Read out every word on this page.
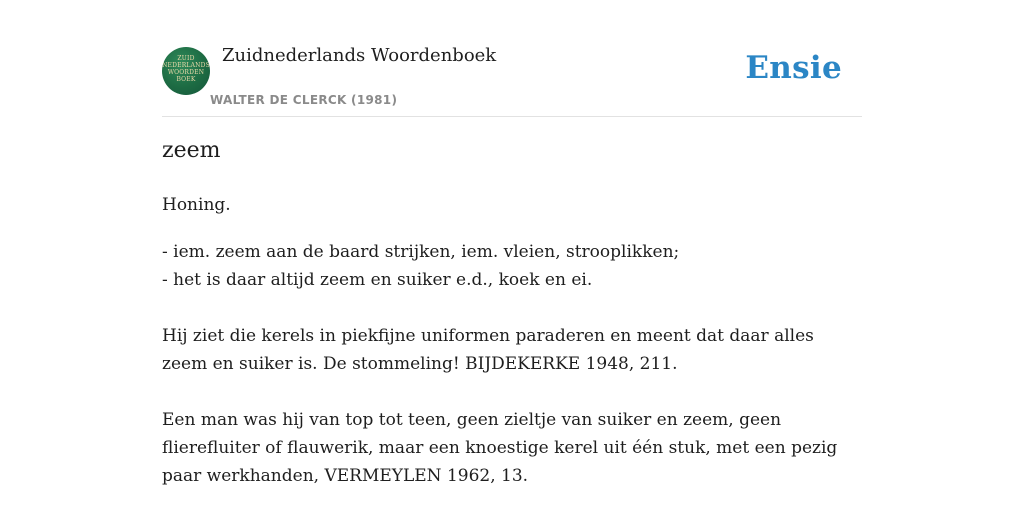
ZUID
NEDERLANDS
WOORDEN
BOEK
Zuidnederlands Woordenboek
WALTER DE CLERCK (1981)
Ensie
zeem
Honing.
- iem. zeem aan de baard strijken, iem. vleien, strooplikken;
- het is daar altijd zeem en suiker e.d., koek en ei.
Hij ziet die kerels in piekfijne uniformen paraderen en meent dat daar alles zeem en suiker is. De stommeling! BIJDEKERKE 1948, 211.
Een man was hij van top tot teen, geen zieltje van suiker en zeem, geen flierefluiter of flauwerik, maar een knoestige kerel uit één stuk, met een pezig paar werkhanden, VERMEYLEN 1962, 13.
